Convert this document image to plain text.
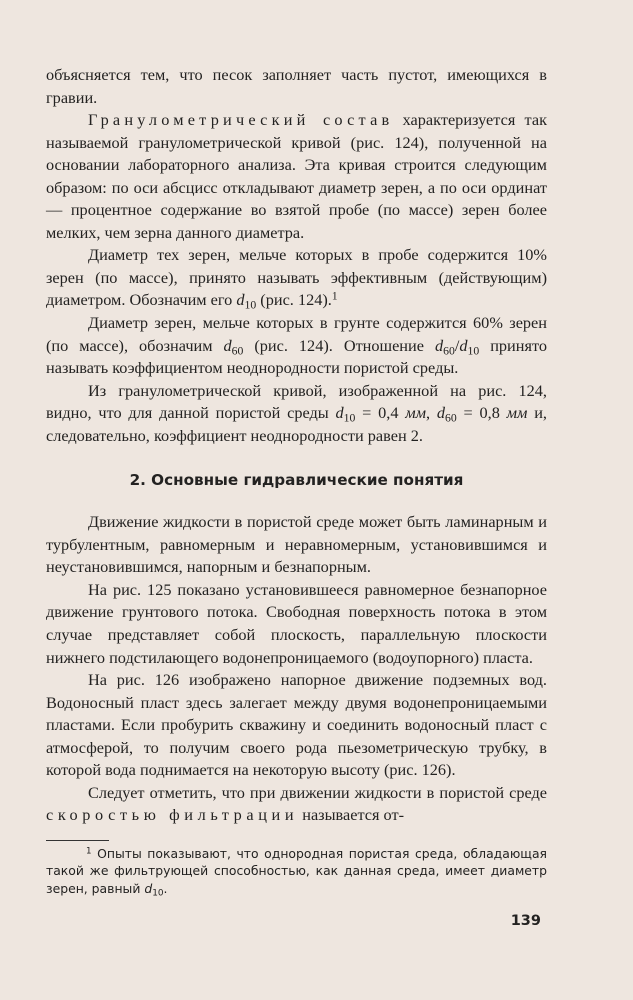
объясняется тем, что песок заполняет часть пустот, имеющихся в гравии.

Гранулометрический состав характеризуется так называемой гранулометрической кривой (рис. 124), полученной на основании лабораторного анализа. Эта кривая строится следующим образом: по оси абсцисс откладывают диаметр зерен, а по оси ординат — процентное содержание во взятой пробе (по массе) зерен более мелких, чем зерна данного диаметра.

Диаметр тех зерен, мельче которых в пробе содержится 10% зерен (по массе), принято называть эффективным (действующим) диаметром. Обозначим его $d_{10}$ (рис. 124).$^1$

Диаметр зерен, мельче которых в грунте содержится 60% зерен (по массе), обозначим $d_{60}$ (рис. 124). Отношение $d_{60}/d_{10}$ принято называть коэффициентом неоднородности пористой среды.

Из гранулометрической кривой, изображенной на рис. 124, видно, что для данной пористой среды $d_{10} = 0,4$ мм, $d_{60} = 0,8$ мм и, следовательно, коэффициент неоднородности равен 2.

2. Основные гидравлические понятия

Движение жидкости в пористой среде может быть ламинарным и турбулентным, равномерным и неравномерным, установившимся и неустановившимся, напорным и безнапорным.

На рис. 125 показано установившееся равномерное безнапорное движение грунтового потока. Свободная поверхность потока в этом случае представляет собой плоскость, параллельную плоскости нижнего подстилающего водонепроницаемого (водоупорного) пласта.

На рис. 126 изображено напорное движение подземных вод. Водоносный пласт здесь залегает между двумя водонепроницаемыми пластами. Если пробурить скважину и соединить водоносный пласт с атмосферой, то получим своего рода пьезометрическую трубку, в которой вода поднимается на некоторую высоту (рис. 126).

Следует отметить, что при движении жидкости в пористой среде скоростью фильтрации называется от-

$^1$ Опыты показывают, что однородная пористая среда, обладающая такой же фильтрующей способностью, как данная среда, имеет диаметр зерен, равный $d_{10}$.

139
